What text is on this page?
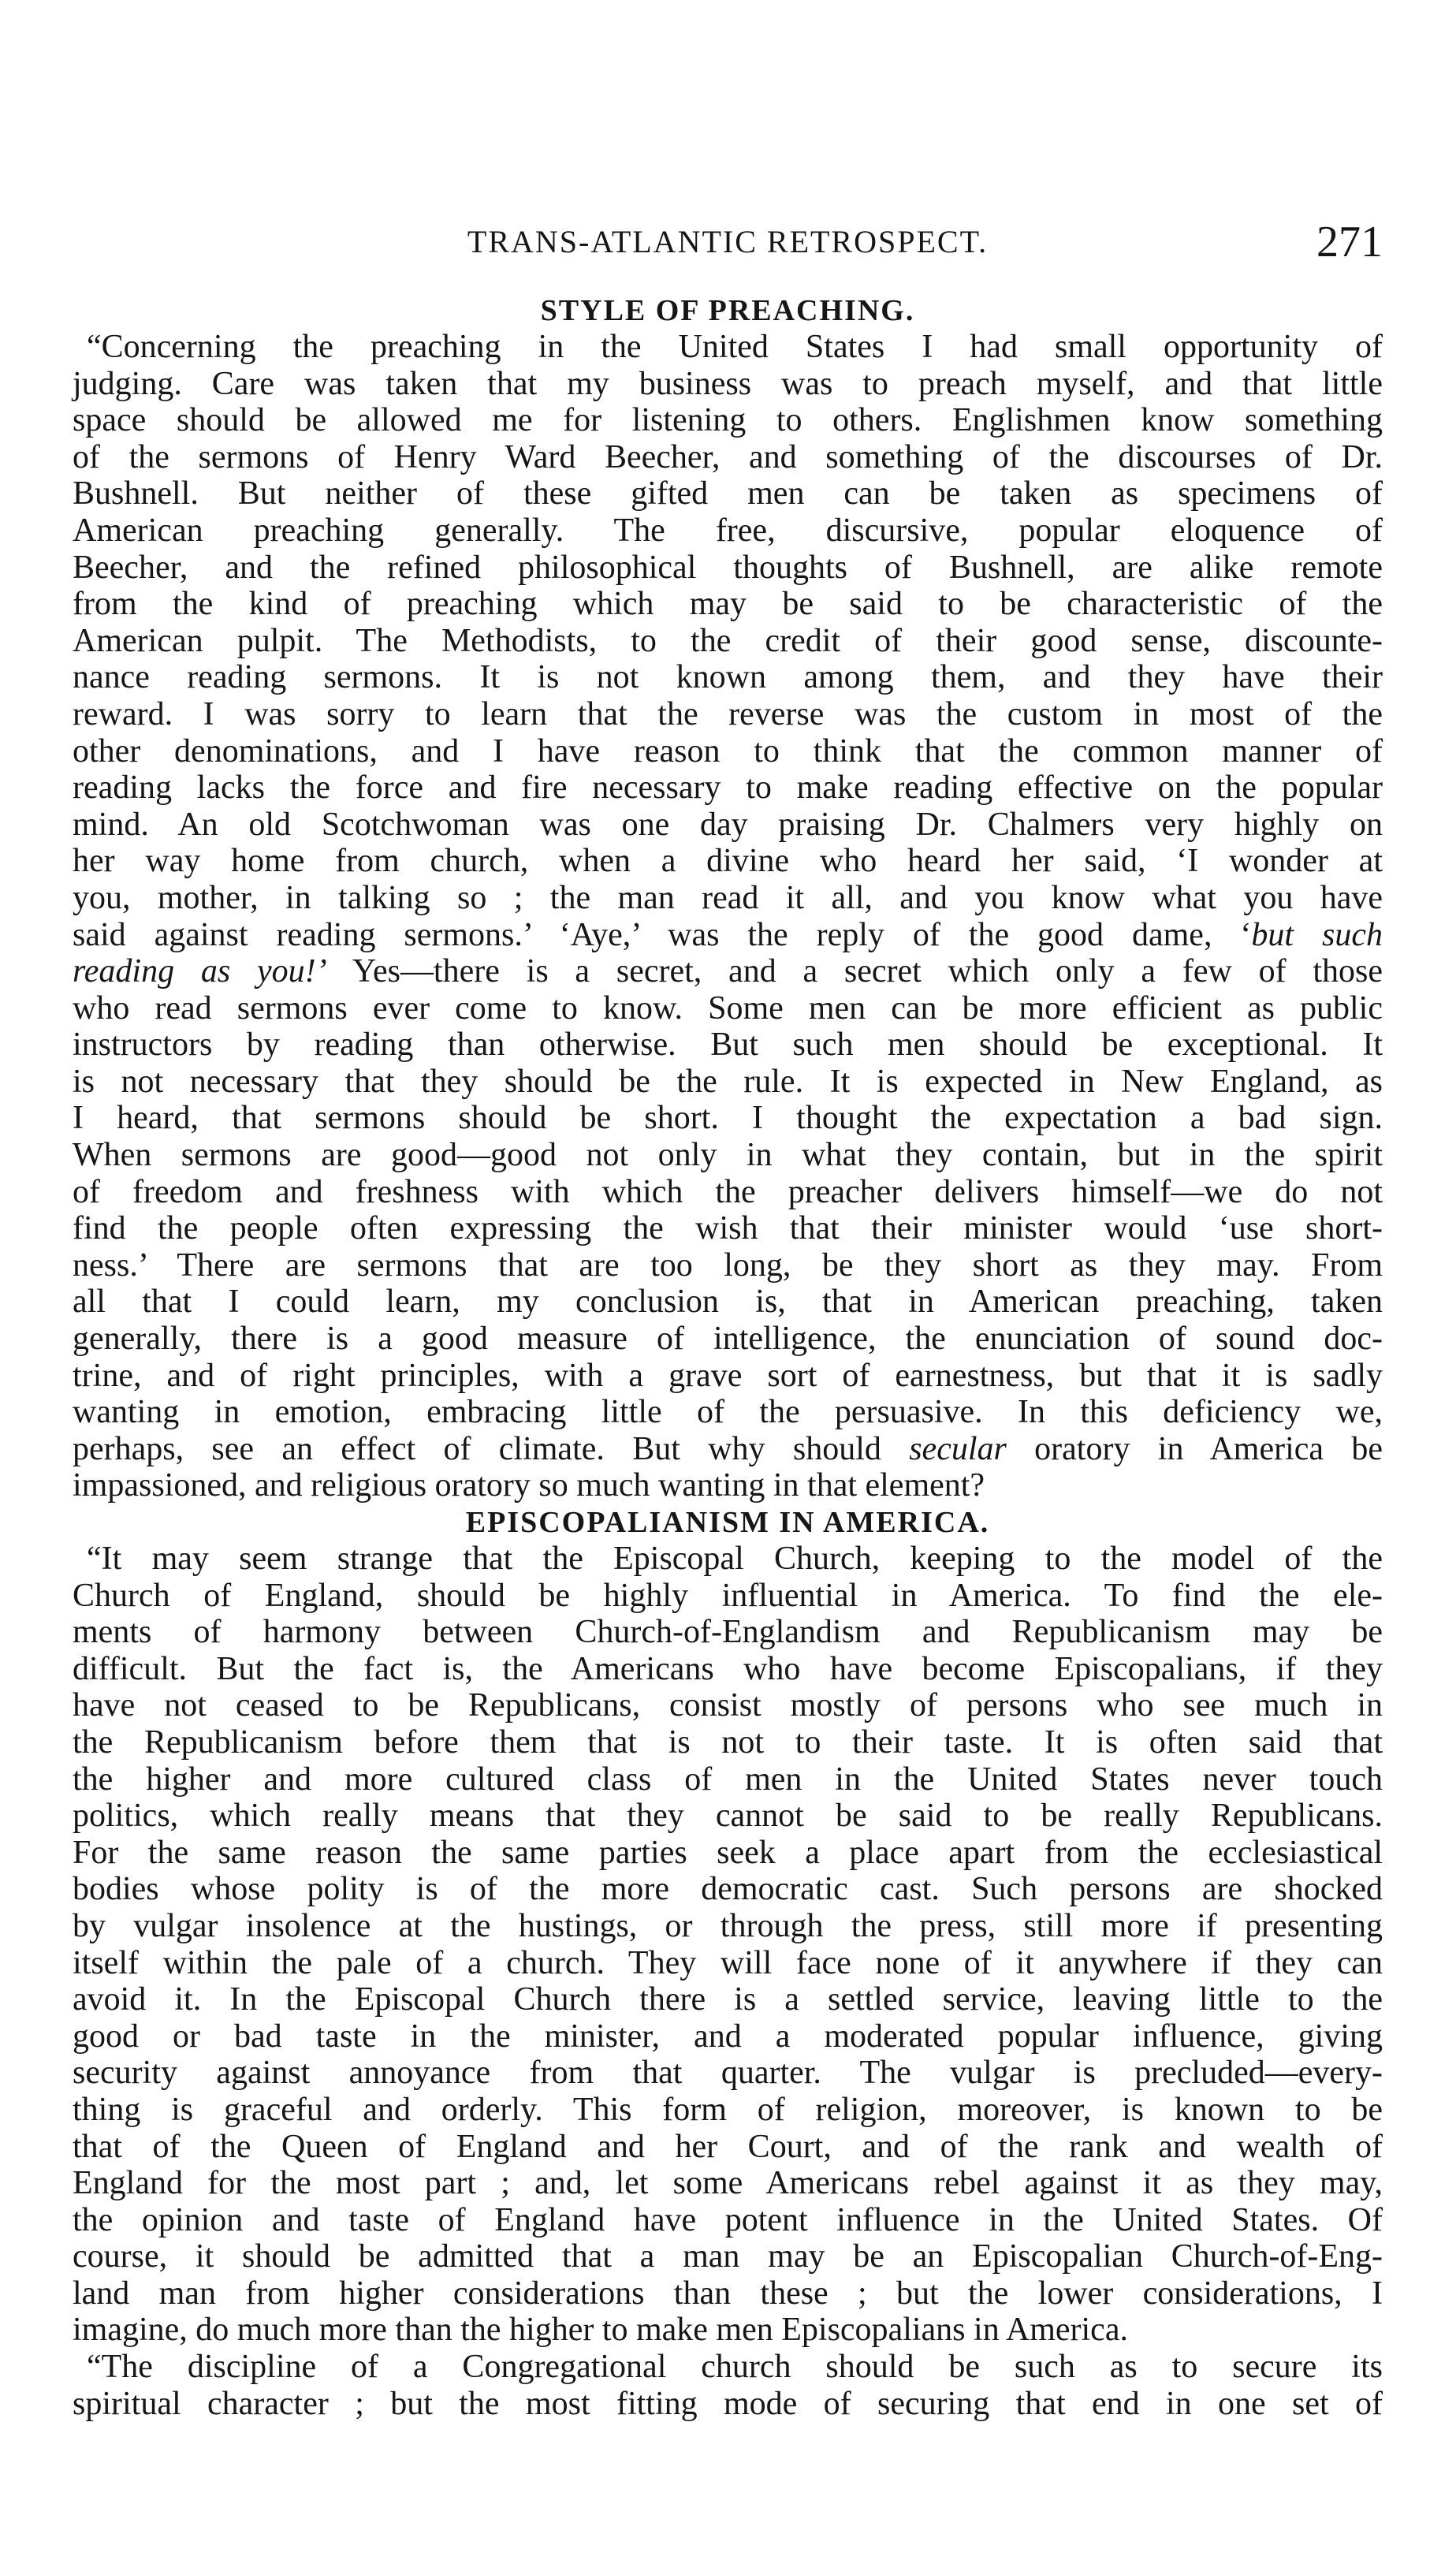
TRANS-ATLANTIC RETROSPECT.	271
STYLE OF PREACHING.
“Concerning the preaching in the United States I had small opportunity of
judging. Care was taken that my business was to preach myself, and that little
space should be allowed me for listening to others. Englishmen know something
of the sermons of Henry Ward Beecher, and something of the discourses of Dr.
Bushnell. But neither of these gifted men can be taken as specimens of
American preaching generally. The free, discursive, popular eloquence of
Beecher, and the refined philosophical thoughts of Bushnell, are alike remote
from the kind of preaching which may be said to be characteristic of the
American pulpit. The Methodists, to the credit of their good sense, discounte-
nance reading sermons. It is not known among them, and they have their
reward. I was sorry to learn that the reverse was the custom in most of the
other denominations, and I have reason to think that the common manner of
reading lacks the force and fire necessary to make reading effective on the popular
mind. An old Scotchwoman was one day praising Dr. Chalmers very highly on
her way home from church, when a divine who heard her said, ‘I wonder at
you, mother, in talking so ; the man read it all, and you know what you have
said against reading sermons.’ ‘Aye,’ was the reply of the good dame, ‘but such
reading as you!’ Yes—there is a secret, and a secret which only a few of those
who read sermons ever come to know. Some men can be more efficient as public
instructors by reading than otherwise. But such men should be exceptional. It
is not necessary that they should be the rule. It is expected in New England, as
I heard, that sermons should be short. I thought the expectation a bad sign.
When sermons are good—good not only in what they contain, but in the spirit
of freedom and freshness with which the preacher delivers himself—we do not
find the people often expressing the wish that their minister would ‘use short-
ness.’ There are sermons that are too long, be they short as they may. From
all that I could learn, my conclusion is, that in American preaching, taken
generally, there is a good measure of intelligence, the enunciation of sound doc-
trine, and of right principles, with a grave sort of earnestness, but that it is sadly
wanting in emotion, embracing little of the persuasive. In this deficiency we,
perhaps, see an effect of climate. But why should secular oratory in America be
impassioned, and religious oratory so much wanting in that element?
EPISCOPALIANISM IN AMERICA.
“It may seem strange that the Episcopal Church, keeping to the model of the
Church of England, should be highly influential in America. To find the ele-
ments of harmony between Church-of-Englandism and Republicanism may be
difficult. But the fact is, the Americans who have become Episcopalians, if they
have not ceased to be Republicans, consist mostly of persons who see much in
the Republicanism before them that is not to their taste. It is often said that
the higher and more cultured class of men in the United States never touch
politics, which really means that they cannot be said to be really Republicans.
For the same reason the same parties seek a place apart from the ecclesiastical
bodies whose polity is of the more democratic cast. Such persons are shocked
by vulgar insolence at the hustings, or through the press, still more if presenting
itself within the pale of a church. They will face none of it anywhere if they can
avoid it. In the Episcopal Church there is a settled service, leaving little to the
good or bad taste in the minister, and a moderated popular influence, giving
security against annoyance from that quarter. The vulgar is precluded—every-
thing is graceful and orderly. This form of religion, moreover, is known to be
that of the Queen of England and her Court, and of the rank and wealth of
England for the most part ; and, let some Americans rebel against it as they may,
the opinion and taste of England have potent influence in the United States. Of
course, it should be admitted that a man may be an Episcopalian Church-of-Eng-
land man from higher considerations than these ; but the lower considerations, I
imagine, do much more than the higher to make men Episcopalians in America.
“The discipline of a Congregational church should be such as to secure its
spiritual character ; but the most fitting mode of securing that end in one set of
